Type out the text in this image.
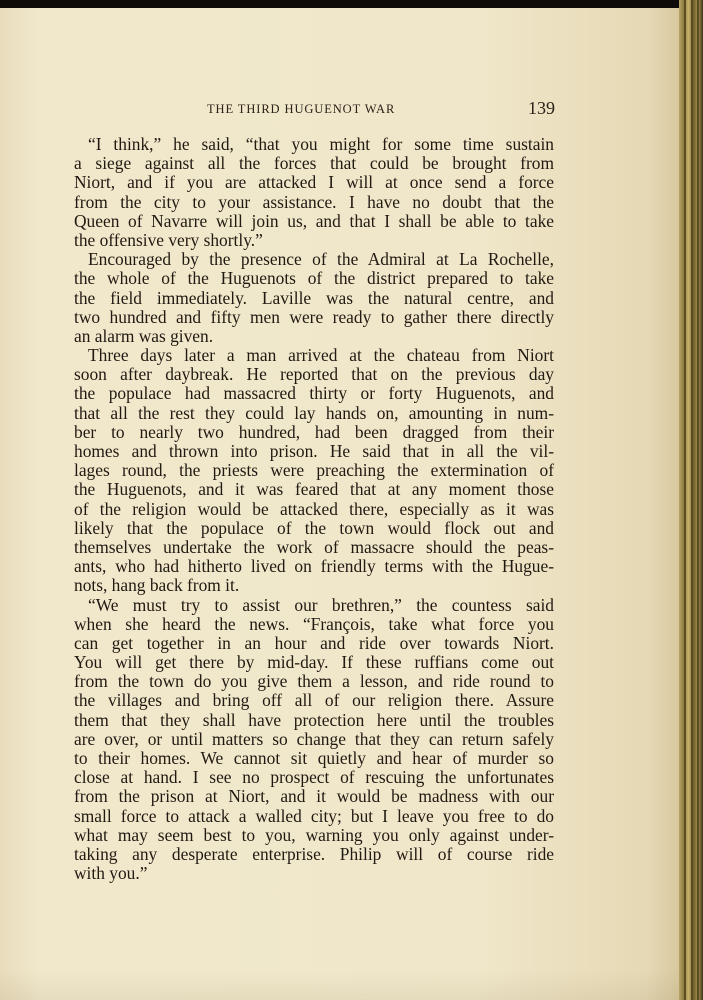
THE THIRD HUGUENOT WAR	139
“I think,” he said, “that you might for some time sustain
a siege against all the forces that could be brought from
Niort, and if you are attacked I will at once send a force
from the city to your assistance. I have no doubt that the
Queen of Navarre will join us, and that I shall be able to take
the offensive very shortly.”
Encouraged by the presence of the Admiral at La Rochelle,
the whole of the Huguenots of the district prepared to take
the field immediately. Laville was the natural centre, and
two hundred and fifty men were ready to gather there directly
an alarm was given.
Three days later a man arrived at the chateau from Niort
soon after daybreak. He reported that on the previous day
the populace had massacred thirty or forty Huguenots, and
that all the rest they could lay hands on, amounting in num-
ber to nearly two hundred, had been dragged from their
homes and thrown into prison. He said that in all the vil-
lages round, the priests were preaching the extermination of
the Huguenots, and it was feared that at any moment those
of the religion would be attacked there, especially as it was
likely that the populace of the town would flock out and
themselves undertake the work of massacre should the peas-
ants, who had hitherto lived on friendly terms with the Hugue-
nots, hang back from it.
“We must try to assist our brethren,” the countess said
when she heard the news. “François, take what force you
can get together in an hour and ride over towards Niort.
You will get there by mid-day. If these ruffians come out
from the town do you give them a lesson, and ride round to
the villages and bring off all of our religion there. Assure
them that they shall have protection here until the troubles
are over, or until matters so change that they can return safely
to their homes. We cannot sit quietly and hear of murder so
close at hand. I see no prospect of rescuing the unfortunates
from the prison at Niort, and it would be madness with our
small force to attack a walled city; but I leave you free to do
what may seem best to you, warning you only against under-
taking any desperate enterprise. Philip will of course ride
with you.”
